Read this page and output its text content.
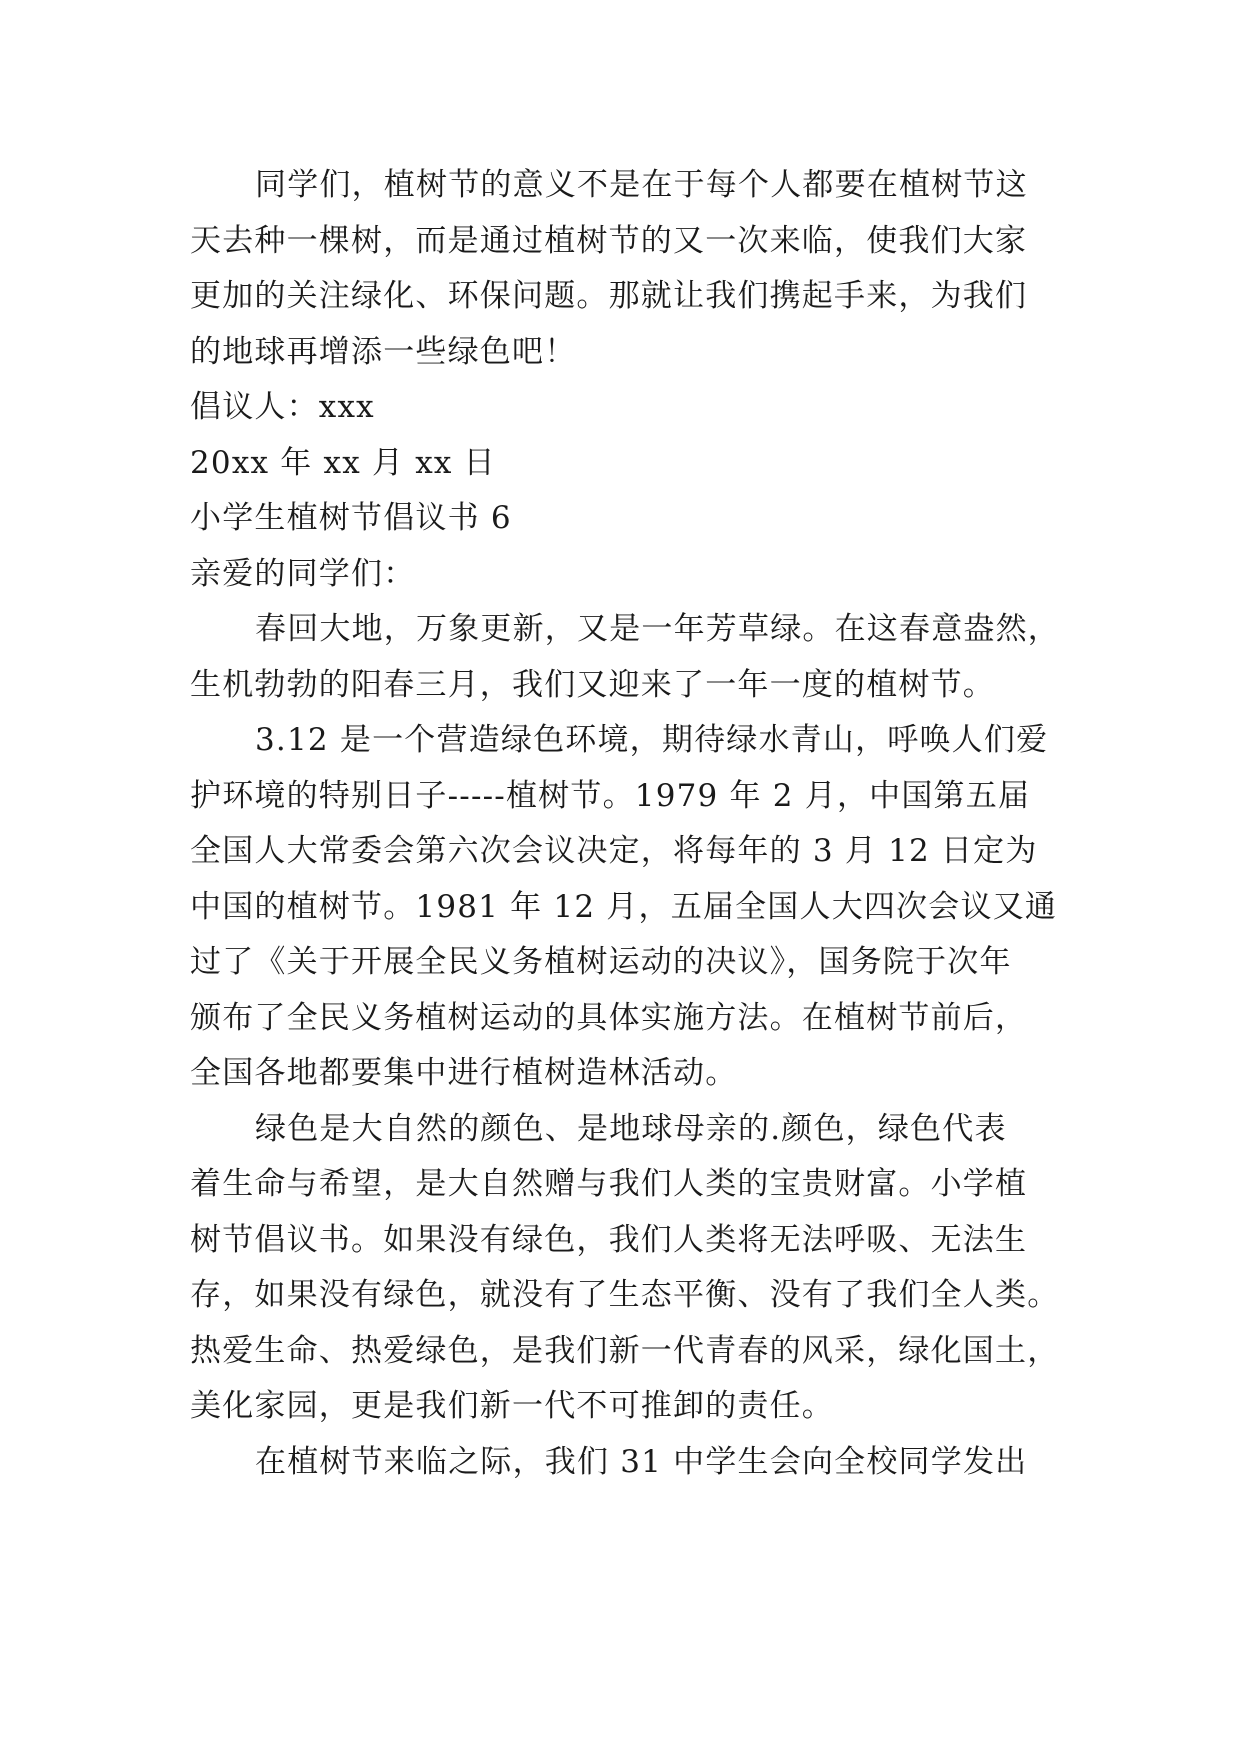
同学们，植树节的意义不是在于每个人都要在植树节这
天去种一棵树，而是通过植树节的又一次来临，使我们大家
更加的关注绿化、环保问题。那就让我们携起手来，为我们
的地球再增添一些绿色吧！
倡议人：xxx
20xx 年 xx 月 xx 日
小学生植树节倡议书 6
亲爱的同学们：
春回大地，万象更新，又是一年芳草绿。在这春意盎然，
生机勃勃的阳春三月，我们又迎来了一年一度的植树节。
3.12 是一个营造绿色环境，期待绿水青山，呼唤人们爱
护环境的特别日子-----植树节。1979 年 2 月，中国第五届
全国人大常委会第六次会议决定，将每年的 3 月 12 日定为
中国的植树节。1981 年 12 月，五届全国人大四次会议又通
过了《关于开展全民义务植树运动的决议》，国务院于次年
颁布了全民义务植树运动的具体实施方法。在植树节前后，
全国各地都要集中进行植树造林活动。
绿色是大自然的颜色、是地球母亲的.颜色，绿色代表
着生命与希望，是大自然赠与我们人类的宝贵财富。小学植
树节倡议书。如果没有绿色，我们人类将无法呼吸、无法生
存，如果没有绿色，就没有了生态平衡、没有了我们全人类。
热爱生命、热爱绿色，是我们新一代青春的风采，绿化国土，
美化家园，更是我们新一代不可推卸的责任。
在植树节来临之际，我们 31 中学生会向全校同学发出
